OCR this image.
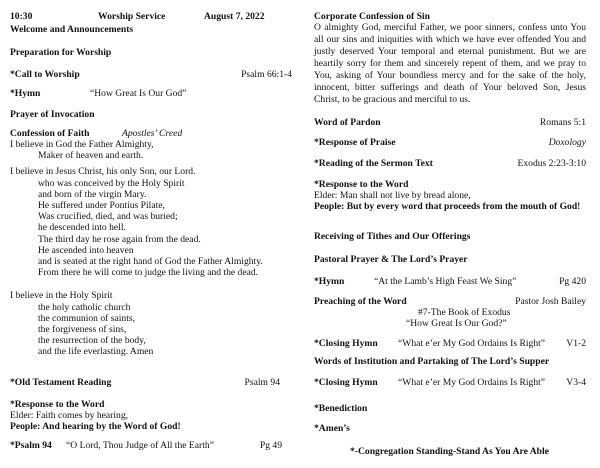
10:30	Worship Service	August 7, 2022
Welcome and Announcements
Preparation for Worship
*Call to Worship	Psalm 66:1-4
*Hymn	“How Great Is Our God”
Prayer of Invocation
Confession of Faith	Apostles’ Creed
I believe in God the Father Almighty,
Maker of heaven and earth.
I believe in Jesus Christ, his only Son, our Lord.
who was conceived by the Holy Spirit
and born of the virgin Mary.
He suffered under Pontius Pilate,
Was crucified, died, and was buried;
he descended into hell.
The third day he rose again from the dead.
He ascended into heaven
and is seated at the right hand of God the Father Almighty.
From there he will come to judge the living and the dead.
I believe in the Holy Spirit
the holy catholic church
the communion of saints,
the forgiveness of sins,
the resurrection of the body,
and the life everlasting. Amen
*Old Testament Reading	Psalm 94
*Response to the Word
Elder: Faith comes by hearing,
People: And hearing by the Word of God!
*Psalm 94 “O Lord, Thou Judge of All the Earth”	Pg 49
Corporate Confession of Sin
O almighty God, merciful Father, we poor sinners, confess unto You all our sins and iniquities with which we have ever offended You and justly deserved Your temporal and eternal punishment. But we are heartily sorry for them and sincerely repent of them, and we pray to You, asking of Your boundless mercy and for the sake of the holy, innocent, bitter sufferings and death of Your beloved Son, Jesus Christ, to be gracious and merciful to us.
Word of Pardon	Romans 5:1
*Response of Praise	Doxology
*Reading of the Sermon Text	Exodus 2:23-3:10
*Response to the Word
Elder: Man shall not live by bread alone,
People: But by every word that proceeds from the mouth of God!
Receiving of Tithes and Our Offerings
Pastoral Prayer & The Lord’s Prayer
*Hymn	“At the Lamb’s High Feast We Sing”	Pg 420
Preaching of the Word	Pastor Josh Bailey
#7-The Book of Exodus
“How Great Is Our God?”
*Closing Hymn “What e’er My God Ordains Is Right” V1-2
Words of Institution and Partaking of The Lord’s Supper
*Closing Hymn “What e’er My God Ordains Is Right” V3-4
*Benediction
*Amen’s
*-Congregation Standing-Stand As You Are Able
